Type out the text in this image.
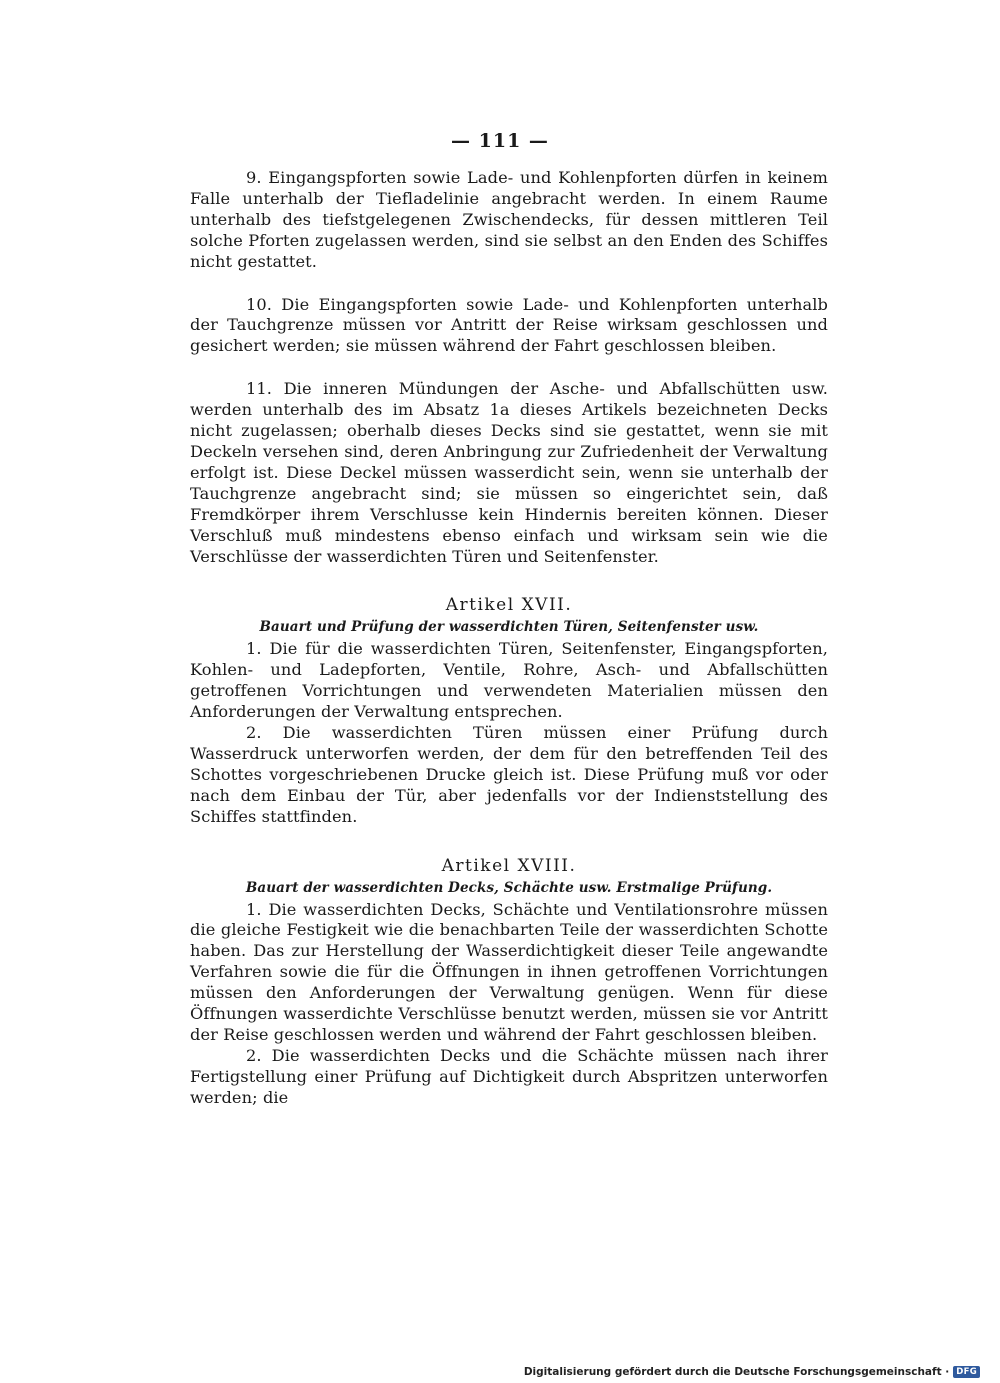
— 111 —

9. Eingangspforten sowie Lade- und Kohlenpforten dürfen in keinem Falle unterhalb der Tiefladelinie angebracht werden. In einem Raume unterhalb des tiefstgelegenen Zwischendecks, für dessen mittleren Teil solche Pforten zugelassen werden, sind sie selbst an den Enden des Schiffes nicht gestattet.

10. Die Eingangspforten sowie Lade- und Kohlenpforten unterhalb der Tauchgrenze müssen vor Antritt der Reise wirksam geschlossen und gesichert werden; sie müssen während der Fahrt geschlossen bleiben.

11. Die inneren Mündungen der Asche- und Abfallschütten usw. werden unterhalb des im Absatz 1a dieses Artikels bezeichneten Decks nicht zugelassen; oberhalb dieses Decks sind sie gestattet, wenn sie mit Deckeln versehen sind, deren Anbringung zur Zufriedenheit der Verwaltung erfolgt ist. Diese Deckel müssen wasserdicht sein, wenn sie unterhalb der Tauchgrenze angebracht sind; sie müssen so eingerichtet sein, daß Fremdkörper ihrem Verschlusse kein Hindernis bereiten können. Dieser Verschluß muß mindestens ebenso einfach und wirksam sein wie die Verschlüsse der wasserdichten Türen und Seitenfenster.

Artikel XVII.

Bauart und Prüfung der wasserdichten Türen, Seitenfenster usw.

1. Die für die wasserdichten Türen, Seitenfenster, Eingangspforten, Kohlen- und Ladepforten, Ventile, Rohre, Asch- und Abfallschütten getroffenen Vorrichtungen und verwendeten Materialien müssen den Anforderungen der Verwaltung entsprechen.

2. Die wasserdichten Türen müssen einer Prüfung durch Wasserdruck unterworfen werden, der dem für den betreffenden Teil des Schottes vorgeschriebenen Drucke gleich ist. Diese Prüfung muß vor oder nach dem Einbau der Tür, aber jedenfalls vor der Indienststellung des Schiffes stattfinden.

Artikel XVIII.

Bauart der wasserdichten Decks, Schächte usw. Erstmalige Prüfung.

1. Die wasserdichten Decks, Schächte und Ventilationsrohre müssen die gleiche Festigkeit wie die benachbarten Teile der wasserdichten Schotte haben. Das zur Herstellung der Wasserdichtigkeit dieser Teile angewandte Verfahren sowie die für die Öffnungen in ihnen getroffenen Vorrichtungen müssen den Anforderungen der Verwaltung genügen. Wenn für diese Öffnungen wasserdichte Verschlüsse benutzt werden, müssen sie vor Antritt der Reise geschlossen werden und während der Fahrt geschlossen bleiben.

2. Die wasserdichten Decks und die Schächte müssen nach ihrer Fertigstellung einer Prüfung auf Dichtigkeit durch Abspritzen unterworfen werden; die

Digitalisierung gefördert durch die Deutsche Forschungsgemeinschaft · DFG
